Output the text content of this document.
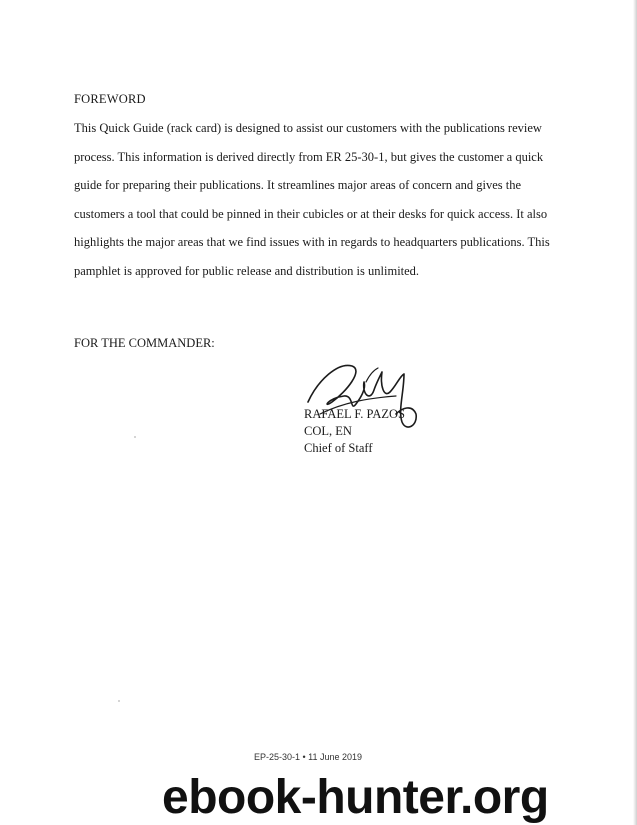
FOREWORD

This Quick Guide (rack card) is designed to assist our customers with the publications review process. This information is derived directly from ER 25-30-1, but gives the customer a quick guide for preparing their publications. It streamlines major areas of concern and gives the customers a tool that could be pinned in their cubicles or at their desks for quick access. It also highlights the major areas that we find issues with in regards to headquarters publications. This pamphlet is approved for public release and distribution is unlimited.

FOR THE COMMANDER:
RAFAEL F. PAZOS
COL, EN
Chief of Staff
EP-25-30-1 • 11 June 2019
ebook-hunter.org
